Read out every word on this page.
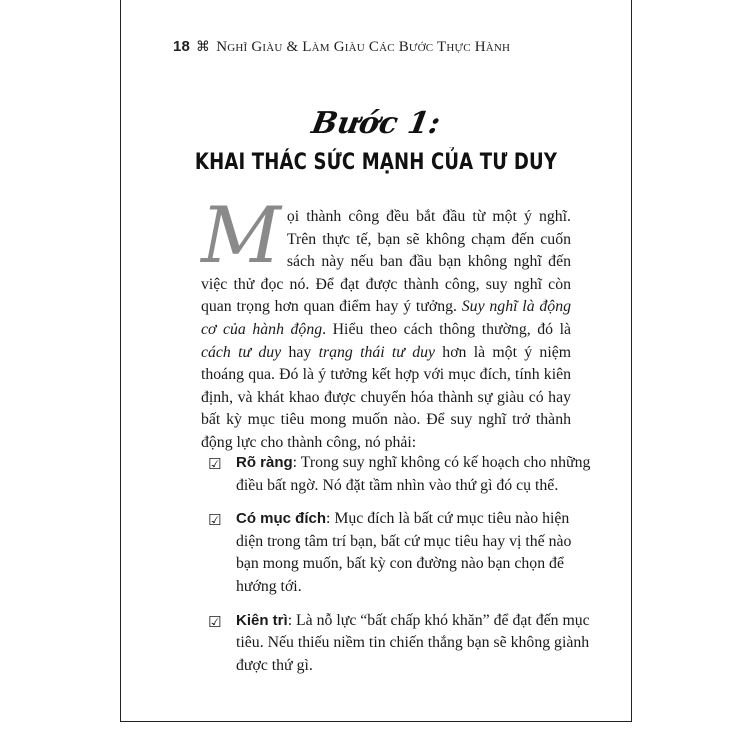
18 ⌘ Nghĩ Giàu & Làm Giàu Các Bước Thực Hành
Bước 1:
KHAI THÁC SỨC MẠNH CỦA TƯ DUY
M ọi thành công đều bắt đầu từ một ý nghĩ. Trên thực tế, bạn sẽ không chạm đến cuốn sách này nếu ban đầu bạn không nghĩ đến việc thử đọc nó. Để đạt được thành công, suy nghĩ còn quan trọng hơn quan điểm hay ý tưởng. Suy nghĩ là động cơ của hành động. Hiểu theo cách thông thường, đó là cách tư duy hay trạng thái tư duy hơn là một ý niệm thoáng qua. Đó là ý tưởng kết hợp với mục đích, tính kiên định, và khát khao được chuyển hóa thành sự giàu có hay bất kỳ mục tiêu mong muốn nào. Để suy nghĩ trở thành động lực cho thành công, nó phải:
☑ Rõ ràng: Trong suy nghĩ không có kế hoạch cho những điều bất ngờ. Nó đặt tầm nhìn vào thứ gì đó cụ thể.
☑ Có mục đích: Mục đích là bất cứ mục tiêu nào hiện diện trong tâm trí bạn, bất cứ mục tiêu hay vị thế nào bạn mong muốn, bất kỳ con đường nào bạn chọn để hướng tới.
☑ Kiên trì: Là nỗ lực “bất chấp khó khăn” để đạt đến mục tiêu. Nếu thiếu niềm tin chiến thắng bạn sẽ không giành được thứ gì.
